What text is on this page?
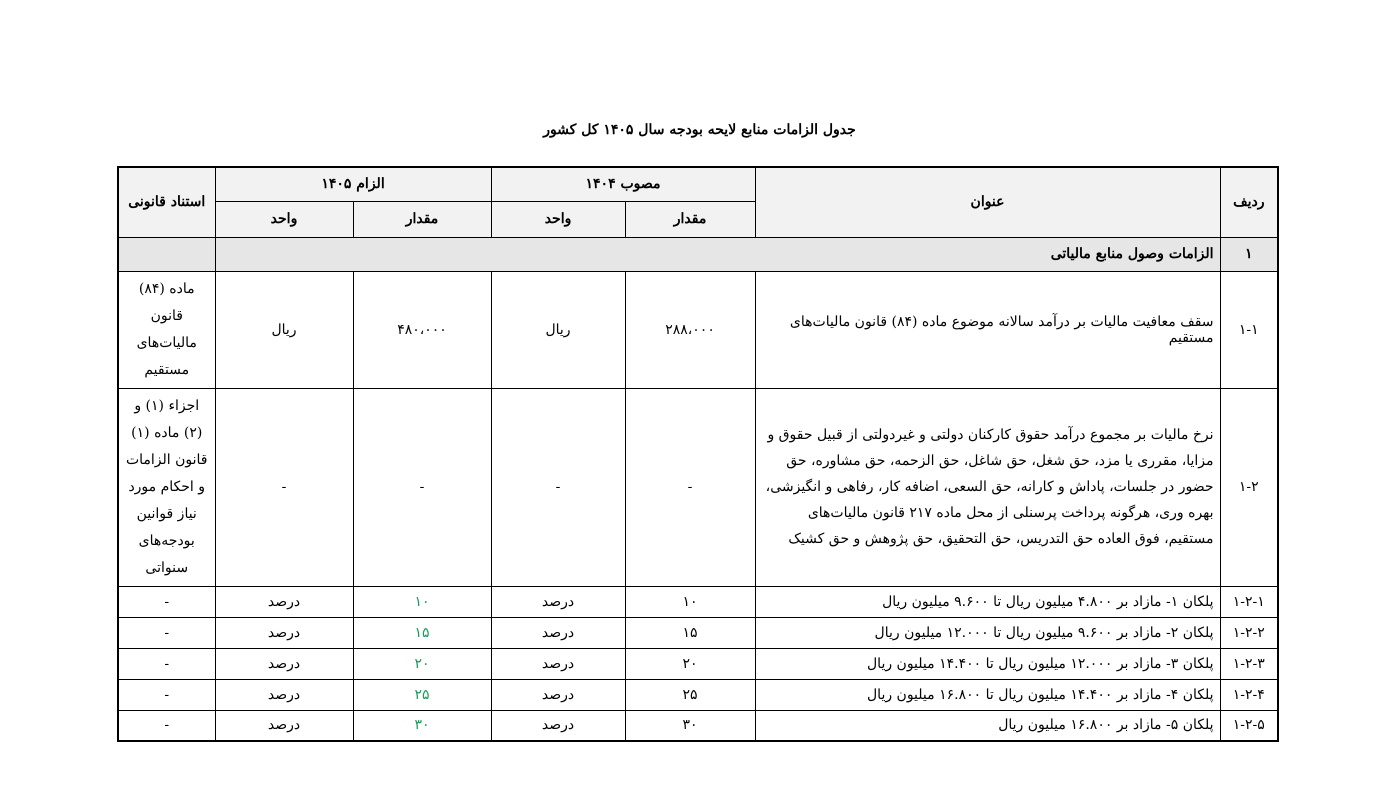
جدول الزامات منابع لایحه بودجه سال ۱۴۰۵ کل کشور
ردیف	عنوان	مصوب ۱۴۰۴		الزام ۱۴۰۵		استناد قانونی
		مقدار	واحد	مقدار	واحد	
۱	الزامات وصول منابع مالیاتی					
۱-۱	سقف معافیت مالیات بر درآمد سالانه موضوع ماده (۸۴) قانون مالیات‌های مستقیم	۲۸۸،۰۰۰	ریال	۴۸۰،۰۰۰	ریال	ماده (۸۴) قانون مالیات‌های مستقیم
۱-۲	نرخ مالیات بر مجموع درآمد حقوق کارکنان دولتی و غیردولتی از قبیل حقوق و مزایا، مقرری یا مزد، حق شغل، حق شاغل، حق الزحمه، حق مشاوره، حق حضور در جلسات، پاداش و کارانه، حق السعی، اضافه کار، رفاهی و انگیزشی، بهره وری، هرگونه پرداخت پرسنلی از محل ماده ۲۱۷ قانون مالیات‌های مستقیم، فوق العاده حق التدریس، حق التحقیق، حق پژوهش و حق کشیک	-	-	-	-	اجزاء (۱) و (۲) ماده (۱) قانون الزامات و احکام مورد نیاز قوانین بودجه‌های سنواتی
۱-۲-۱	پلکان ۱- مازاد بر ۴.۸۰۰ میلیون ریال تا ۹.۶۰۰ میلیون ریال	۱۰	درصد	۱۰	درصد	-
۱-۲-۲	پلکان ۲- مازاد بر ۹.۶۰۰ میلیون ریال تا ۱۲.۰۰۰ میلیون ریال	۱۵	درصد	۱۵	درصد	-
۱-۲-۳	پلکان ۳- مازاد بر ۱۲.۰۰۰ میلیون ریال تا ۱۴.۴۰۰ میلیون ریال	۲۰	درصد	۲۰	درصد	-
۱-۲-۴	پلکان ۴- مازاد بر ۱۴.۴۰۰ میلیون ریال تا ۱۶.۸۰۰ میلیون ریال	۲۵	درصد	۲۵	درصد	-
۱-۲-۵	پلکان ۵- مازاد بر ۱۶.۸۰۰ میلیون ریال	۳۰	درصد	۳۰	درصد	-
